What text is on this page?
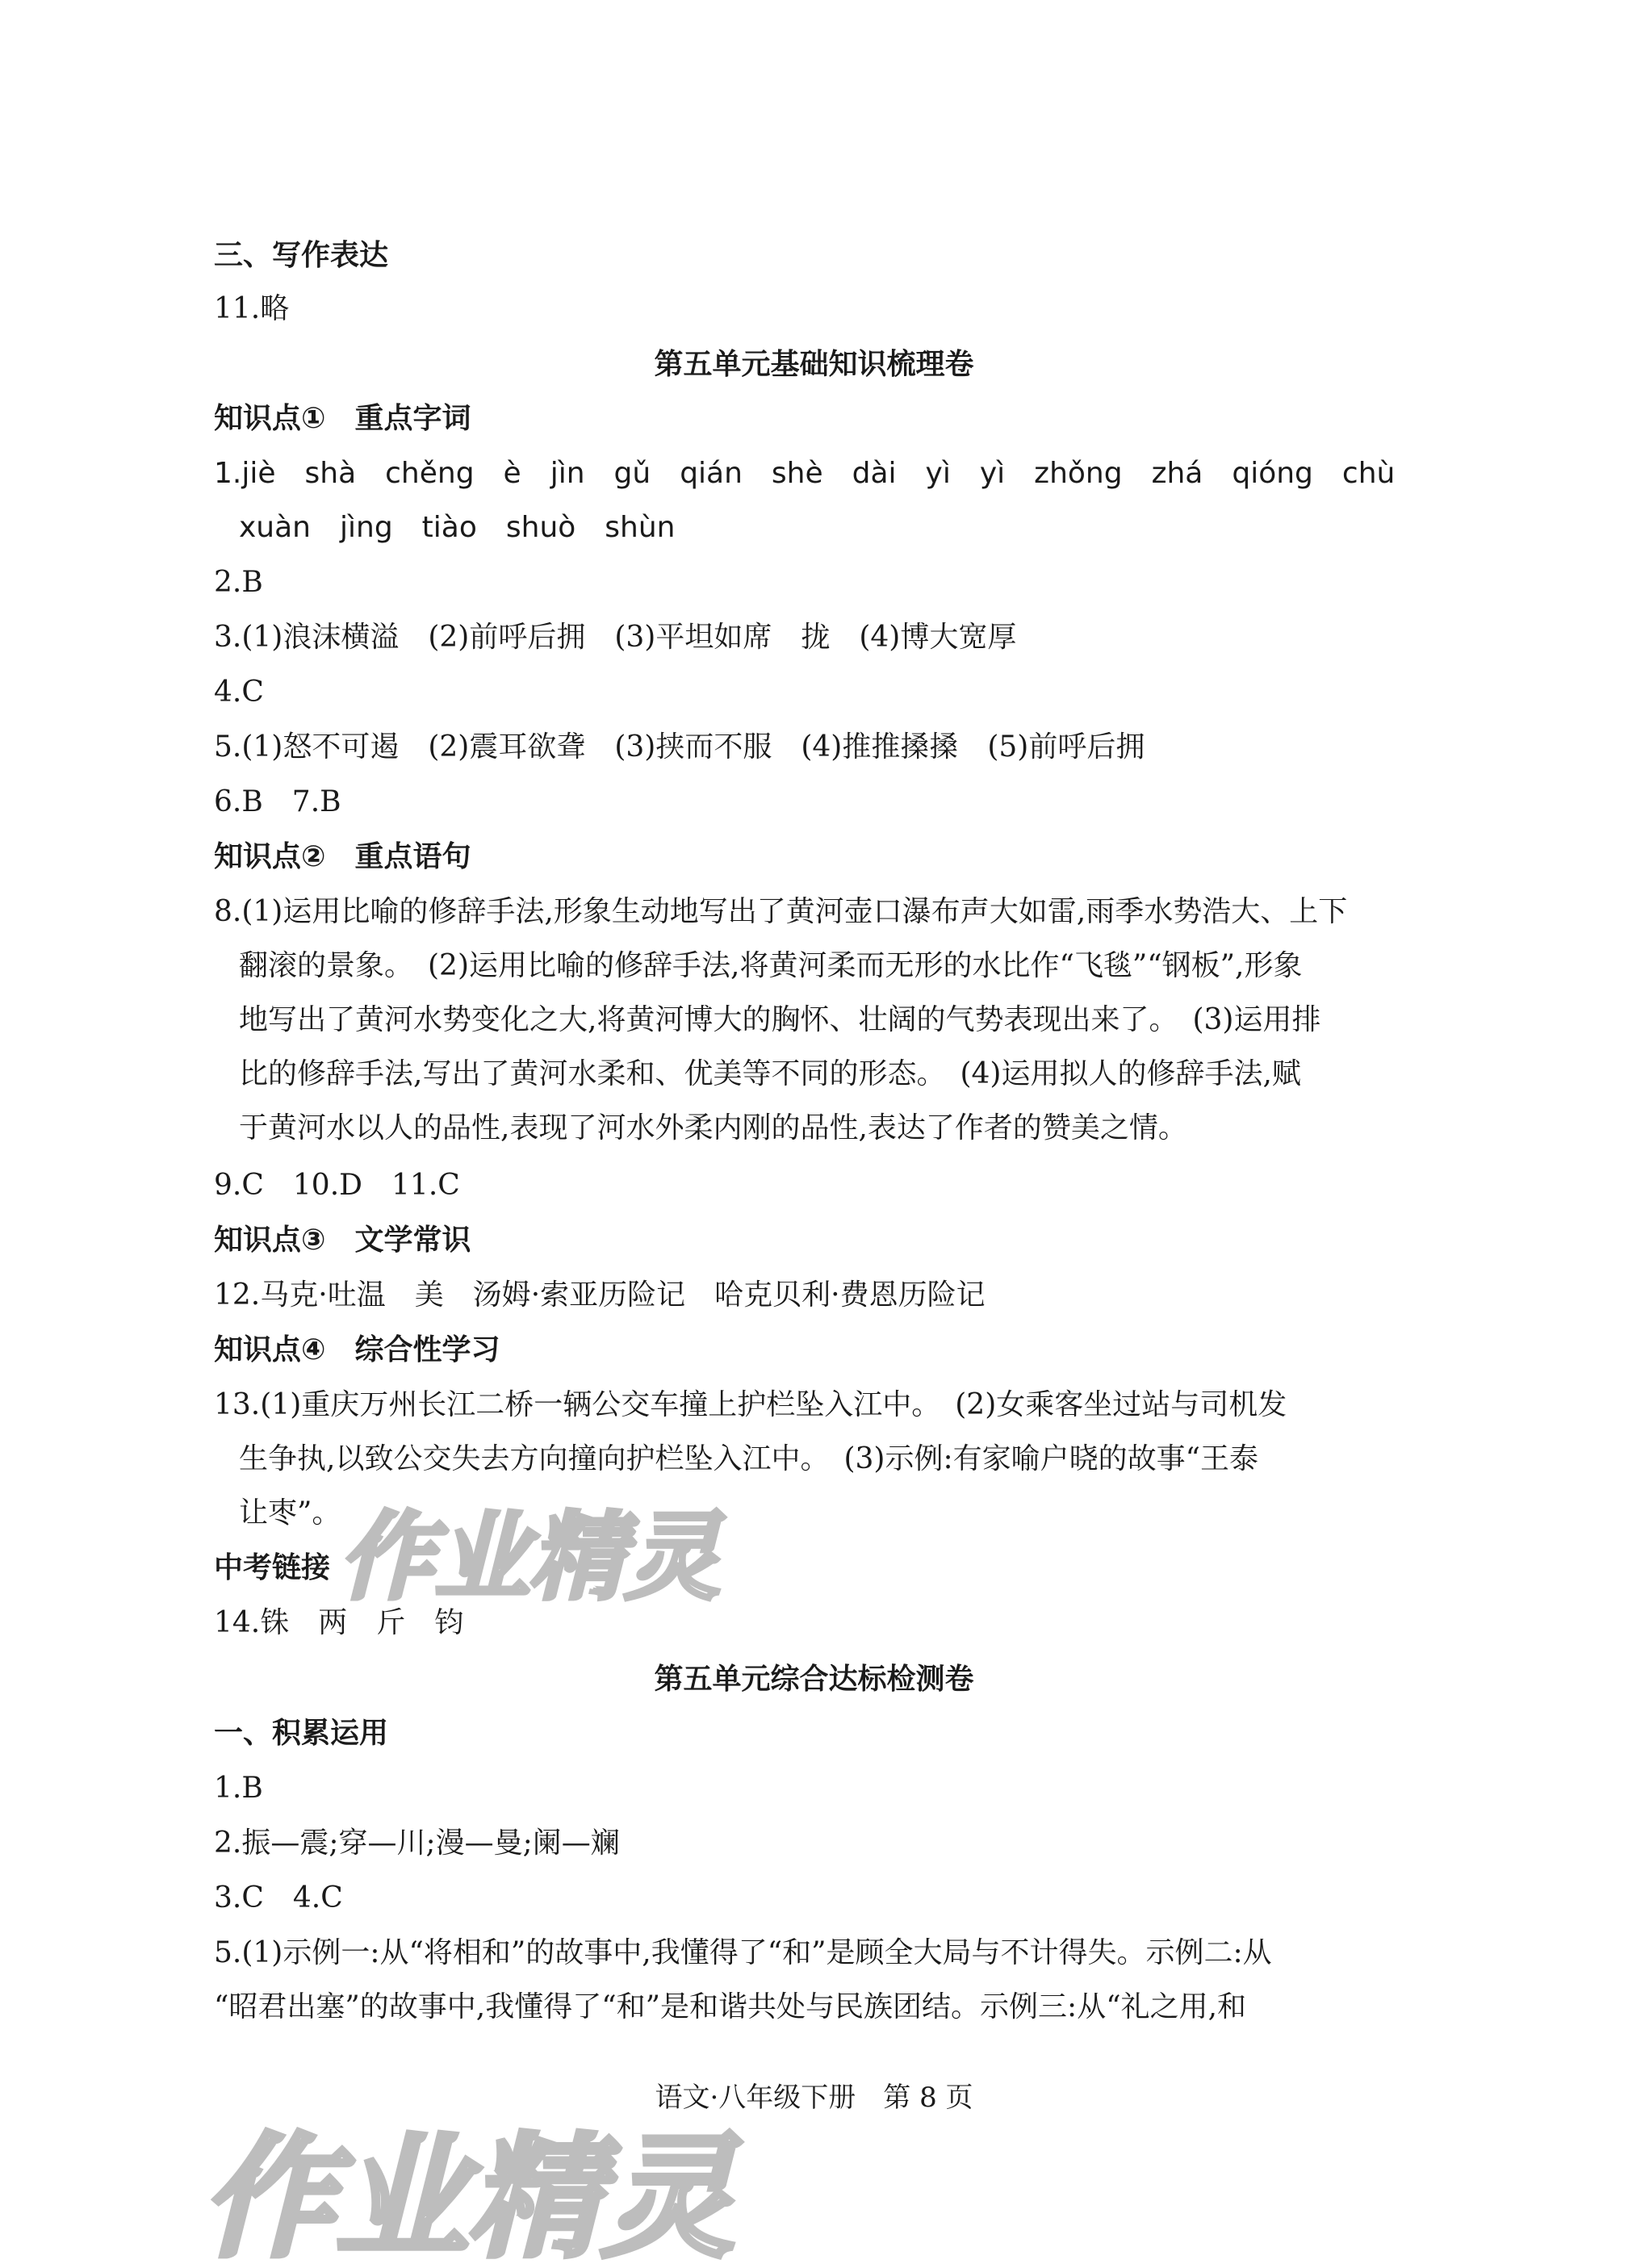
三、写作表达
11.略
第五单元基础知识梳理卷
知识点①　重点字词
1.jiè　shà　chěng　è　jìn　gǔ　qián　shè　dài　yì　yì　zhǒng　zhá　qióng　chù
xuàn　jìng　tiào　shuò　shùn
2.B
3.(1)浪沫横溢　(2)前呼后拥　(3)平坦如席　拢　(4)博大宽厚
4.C
5.(1)怒不可遏　(2)震耳欲聋　(3)挟而不服　(4)推推搡搡　(5)前呼后拥
6.B　7.B
知识点②　重点语句
8.(1)运用比喻的修辞手法,形象生动地写出了黄河壶口瀑布声大如雷,雨季水势浩大、上下
翻滚的景象。　(2)运用比喻的修辞手法,将黄河柔而无形的水比作“飞毯”“钢板”,形象
地写出了黄河水势变化之大,将黄河博大的胸怀、壮阔的气势表现出来了。　(3)运用排
比的修辞手法,写出了黄河水柔和、优美等不同的形态。　(4)运用拟人的修辞手法,赋
于黄河水以人的品性,表现了河水外柔内刚的品性,表达了作者的赞美之情。
9.C　10.D　11.C
知识点③　文学常识
12.马克·吐温　美　汤姆·索亚历险记　哈克贝利·费恩历险记
知识点④　综合性学习
13.(1)重庆万州长江二桥一辆公交车撞上护栏坠入江中。　(2)女乘客坐过站与司机发
生争执,以致公交失去方向撞向护栏坠入江中。　(3)示例:有家喻户晓的故事“王泰
让枣”。
中考链接
14.铢　两　斤　钧
第五单元综合达标检测卷
一、积累运用
1.B
2.振—震;穿—川;漫—曼;阑—斓
3.C　4.C
5.(1)示例一:从“将相和”的故事中,我懂得了“和”是顾全大局与不计得失。示例二:从
“昭君出塞”的故事中,我懂得了“和”是和谐共处与民族团结。示例三:从“礼之用,和
语文·八年级下册　第 8 页
作业精灵
作业精灵
